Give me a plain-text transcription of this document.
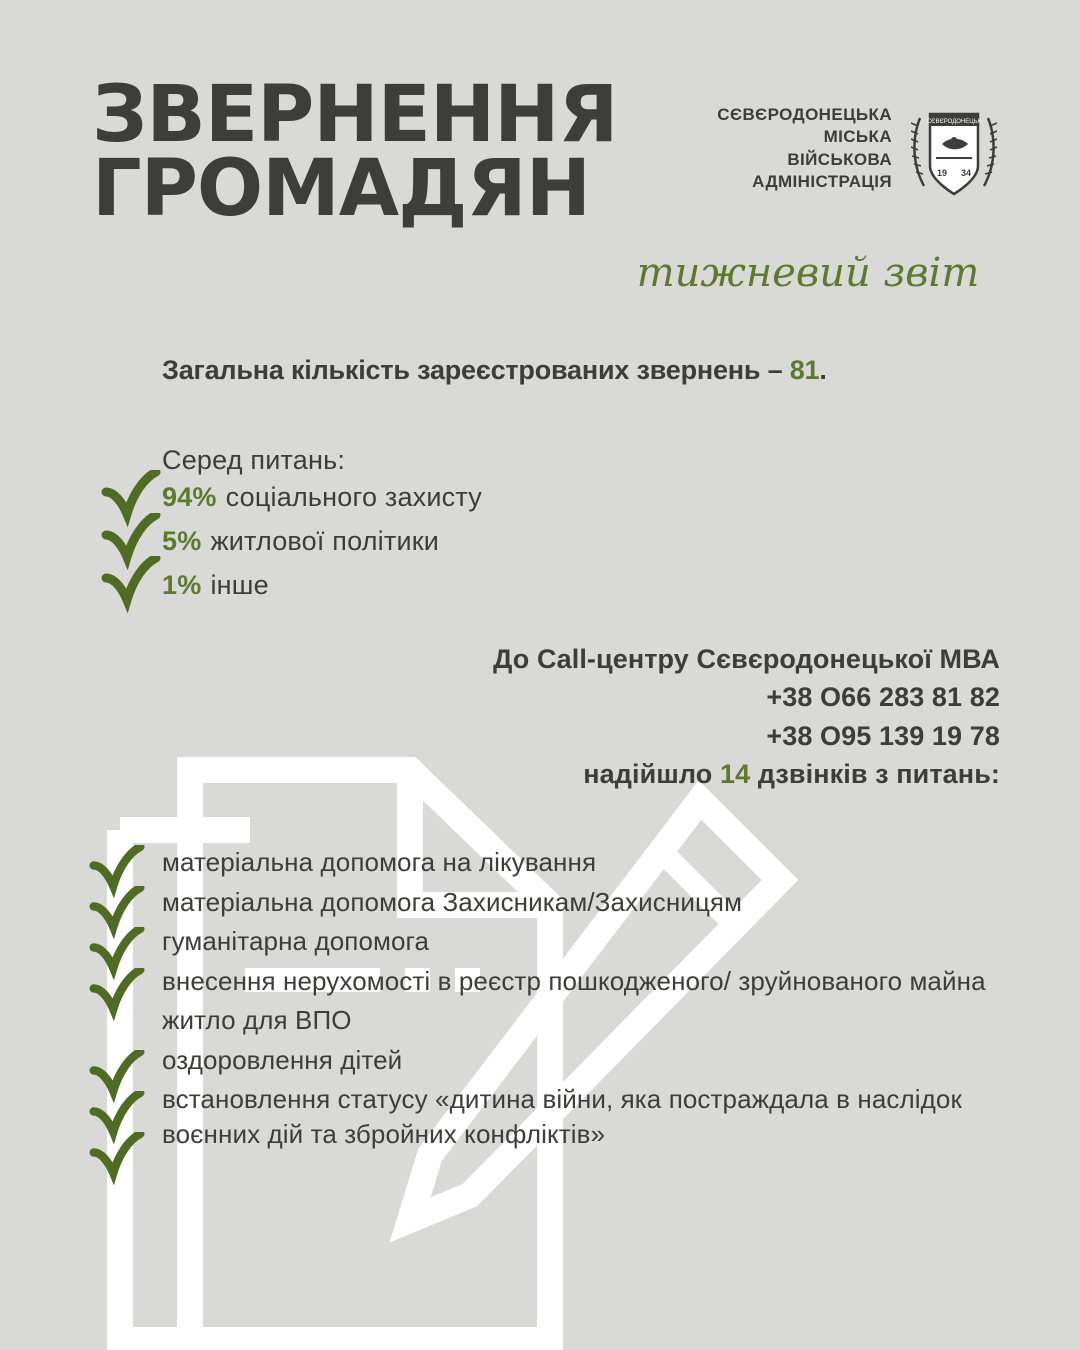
ЗВЕРНЕННЯ
ГРОМАДЯН
СЄВЄРОДОНЕЦЬКА
МІСЬКА
ВІЙСЬКОВА
АДМІНІСТРАЦІЯ
СЄВЄРОДОНЕЦЬК
19 34
тижневий звіт
Загальна кількість зареєстрованих звернень – 81.
Серед питань:
94% соціального захисту
5% житлової політики
1% інше
До Call-центру Сєвєродонецької МВА
+38 О66 283 81 82
+38 О95 139 19 78
надійшло 14 дзвінків з питань:
матеріальна допомога на лікування
матеріальна допомога Захисникам/Захисницям
гуманітарна допомога
внесення нерухомості в реєстр пошкодженого/ зруйнованого майна
житло для ВПО
оздоровлення дітей
встановлення статусу «дитина війни, яка постраждала в наслідок воєнних дій та збройних конфліктів»
